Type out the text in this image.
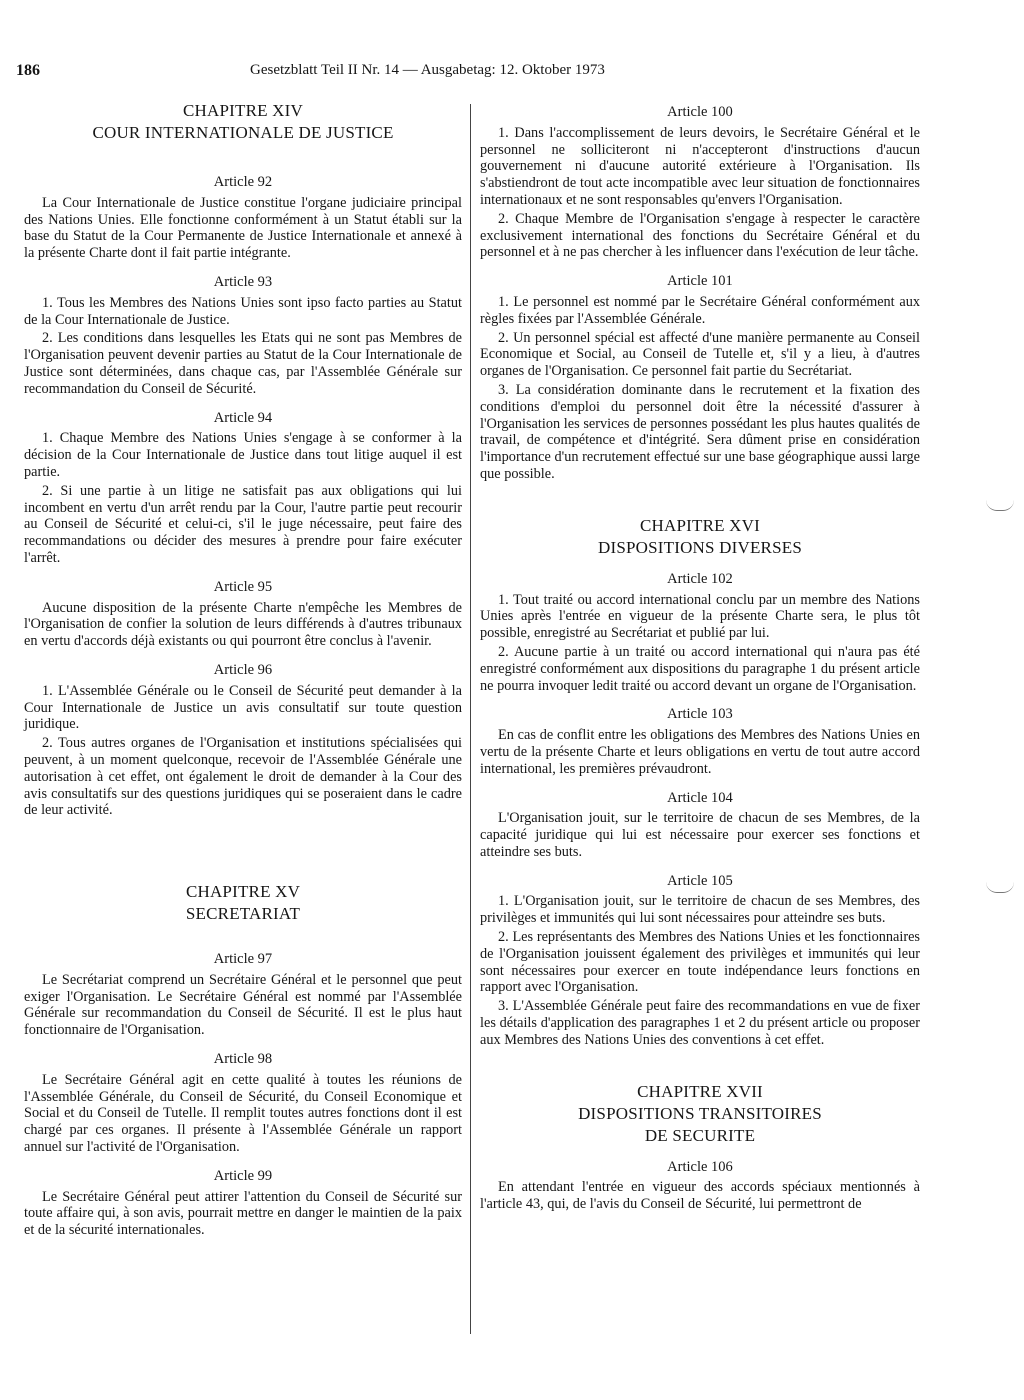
186	Gesetzblatt Teil II Nr. 14 — Ausgabetag: 12. Oktober 1973
CHAPITRE XIV
COUR INTERNATIONALE DE JUSTICE
Article 92

La Cour Internationale de Justice constitue l'organe judiciaire principal des Nations Unies. Elle fonctionne conformément à un Statut établi sur la base du Statut de la Cour Permanente de Justice Internationale et annexé à la présente Charte dont il fait partie intégrante.

Article 93

1. Tous les Membres des Nations Unies sont ipso facto parties au Statut de la Cour Internationale de Justice.

2. Les conditions dans lesquelles les Etats qui ne sont pas Membres de l'Organisation peuvent devenir parties au Statut de la Cour Internationale de Justice sont déterminées, dans chaque cas, par l'Assemblée Générale sur recommandation du Conseil de Sécurité.

Article 94

1. Chaque Membre des Nations Unies s'engage à se conformer à la décision de la Cour Internationale de Justice dans tout litige auquel il est partie.

2. Si une partie à un litige ne satisfait pas aux obligations qui lui incombent en vertu d'un arrêt rendu par la Cour, l'autre partie peut recourir au Conseil de Sécurité et celui-ci, s'il le juge nécessaire, peut faire des recommandations ou décider des mesures à prendre pour faire exécuter l'arrêt.

Article 95

Aucune disposition de la présente Charte n'empêche les Membres de l'Organisation de confier la solution de leurs différends à d'autres tribunaux en vertu d'accords déjà existants ou qui pourront être conclus à l'avenir.

Article 96

1. L'Assemblée Générale ou le Conseil de Sécurité peut demander à la Cour Internationale de Justice un avis consultatif sur toute question juridique.

2. Tous autres organes de l'Organisation et institutions spécialisées qui peuvent, à un moment quelconque, recevoir de l'Assemblée Générale une autorisation à cet effet, ont également le droit de demander à la Cour des avis consultatifs sur des questions juridiques qui se poseraient dans le cadre de leur activité.

CHAPITRE XV
SECRETARIAT
Article 97

Le Secrétariat comprend un Secrétaire Général et le personnel que peut exiger l'Organisation. Le Secrétaire Général est nommé par l'Assemblée Générale sur recommandation du Conseil de Sécurité. Il est le plus haut fonctionnaire de l'Organisation.

Article 98

Le Secrétaire Général agit en cette qualité à toutes les réunions de l'Assemblée Générale, du Conseil de Sécurité, du Conseil Economique et Social et du Conseil de Tutelle. Il remplit toutes autres fonctions dont il est chargé par ces organes. Il présente à l'Assemblée Générale un rapport annuel sur l'activité de l'Organisation.

Article 99

Le Secrétaire Général peut attirer l'attention du Conseil de Sécurité sur toute affaire qui, à son avis, pourrait mettre en danger le maintien de la paix et de la sécurité internationales.

Article 100

1. Dans l'accomplissement de leurs devoirs, le Secrétaire Général et le personnel ne solliciteront ni n'accepteront d'instructions d'aucun gouvernement ni d'aucune autorité extérieure à l'Organisation. Ils s'abstiendront de tout acte incompatible avec leur situation de fonctionnaires internationaux et ne sont responsables qu'envers l'Organisation.

2. Chaque Membre de l'Organisation s'engage à respecter le caractère exclusivement international des fonctions du Secrétaire Général et du personnel et à ne pas chercher à les influencer dans l'exécution de leur tâche.

Article 101

1. Le personnel est nommé par le Secrétaire Général conformément aux règles fixées par l'Assemblée Générale.

2. Un personnel spécial est affecté d'une manière permanente au Conseil Economique et Social, au Conseil de Tutelle et, s'il y a lieu, à d'autres organes de l'Organisation. Ce personnel fait partie du Secrétariat.

3. La considération dominante dans le recrutement et la fixation des conditions d'emploi du personnel doit être la nécessité d'assurer à l'Organisation les services de personnes possédant les plus hautes qualités de travail, de compétence et d'intégrité. Sera dûment prise en considération l'importance d'un recrutement effectué sur une base géographique aussi large que possible.

CHAPITRE XVI
DISPOSITIONS DIVERSES
Article 102

1. Tout traité ou accord international conclu par un membre des Nations Unies après l'entrée en vigueur de la présente Charte sera, le plus tôt possible, enregistré au Secrétariat et publié par lui.

2. Aucune partie à un traité ou accord international qui n'aura pas été enregistré conformément aux dispositions du paragraphe 1 du présent article ne pourra invoquer ledit traité ou accord devant un organe de l'Organisation.

Article 103

En cas de conflit entre les obligations des Membres des Nations Unies en vertu de la présente Charte et leurs obligations en vertu de tout autre accord international, les premières prévaudront.

Article 104

L'Organisation jouit, sur le territoire de chacun de ses Membres, de la capacité juridique qui lui est nécessaire pour exercer ses fonctions et atteindre ses buts.

Article 105

1. L'Organisation jouit, sur le territoire de chacun de ses Membres, des privilèges et immunités qui lui sont nécessaires pour atteindre ses buts.

2. Les représentants des Membres des Nations Unies et les fonctionnaires de l'Organisation jouissent également des privilèges et immunités qui leur sont nécessaires pour exercer en toute indépendance leurs fonctions en rapport avec l'Organisation.

3. L'Assemblée Générale peut faire des recommandations en vue de fixer les détails d'application des paragraphes 1 et 2 du présent article ou proposer aux Membres des Nations Unies des conventions à cet effet.

CHAPITRE XVII
DISPOSITIONS TRANSITOIRES
DE SECURITE
Article 106

En attendant l'entrée en vigueur des accords spéciaux mentionnés à l'article 43, qui, de l'avis du Conseil de Sécurité, lui permettront de
